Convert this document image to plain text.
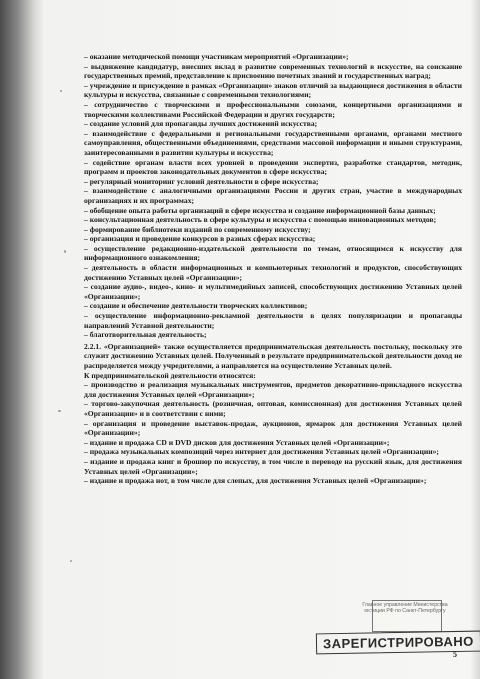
– оказание методической помощи участникам мероприятий «Организации»;

– выдвижение кандидатур, внесших вклад в развитие современных технологий в искусстве, на соискание государственных премий, представление к присвоению почетных званий и государственных наград;

– учреждение и присуждение в рамках «Организации» знаков отличий за выдающиеся достижения в области культуры и искусства, связанные с современными технологиями;

– сотрудничество с творческими и профессиональными союзами, концертными организациями и творческими коллективами Российской Федерации и других государств;

– создание условий для пропаганды лучших достижений искусства;

– взаимодействие с федеральными и региональными государственными органами, органами местного самоуправления, общественными объединениями, средствами массовой информации и иными структурами, заинтересованными в развитии культуры и искусства;

– содействие органам власти всех уровней в проведении экспертиз, разработке стандартов, методик, программ и проектов законодательных документов в сфере искусства;

– регулярный мониторинг условий деятельности в сфере искусства;

– взаимодействие с аналогичными организациями России и других стран, участие в международных организациях и их программах;

– обобщение опыта работы организаций в сфере искусства и создание информационной базы данных;

– консультационная деятельность в сфере культуры и искусства с помощью инновационных методов;

– формирование библиотеки изданий по современному искусству;

– организация и проведение конкурсов в разных сферах искусства;

– осуществление редакционно-издательской деятельности по темам, относящимся к искусству для информационного ознакомления;

– деятельность в области информационных и компьютерных технологий и продуктов, способствующих достижению Уставных целей «Организации»;

– создание аудио-, видео-, кино- и мультимедийных записей, способствующих достижению Уставных целей «Организации»;

– создание и обеспечение деятельности творческих коллективов;

– осуществление информационно-рекламной деятельности в целях популяризации и пропаганды направлений Уставной деятельности;

– благотворительная деятельность;

2.2.1. «Организацией» также осуществляется предпринимательская деятельность постольку, поскольку это служит достижению Уставных целей. Полученный в результате предпринимательской деятельности доход не распределяется между учредителями, а направляется на осуществление Уставных целей.

К предпринимательской деятельности относятся:

– производство и реализация музыкальных инструментов, предметов декоративно-прикладного искусства для достижения Уставных целей «Организации»;

– торгово-закупочная деятельность (розничная, оптовая, комиссионная) для достижения Уставных целей «Организации» и в соответствии с ними;

– организация и проведение выставок-продаж, аукционов, ярмарок для достижения Уставных целей «Организации»;

– издание и продажа CD и DVD дисков для достижения Уставных целей «Организации»;

– продажа музыкальных композиций через интернет для достижения Уставных целей «Организации»;

– издание и продажа книг и брошюр по искусству, в том числе в переводе на русский язык, для достижения Уставных целей «Организации»;

– издание и продажа нот, в том числе для слепых, для достижения Уставных целей «Организации»;

Главное управление Министерства юстиции РФ по Санкт-Петербургу
ЗАРЕГИСТРИРОВАНО
5
